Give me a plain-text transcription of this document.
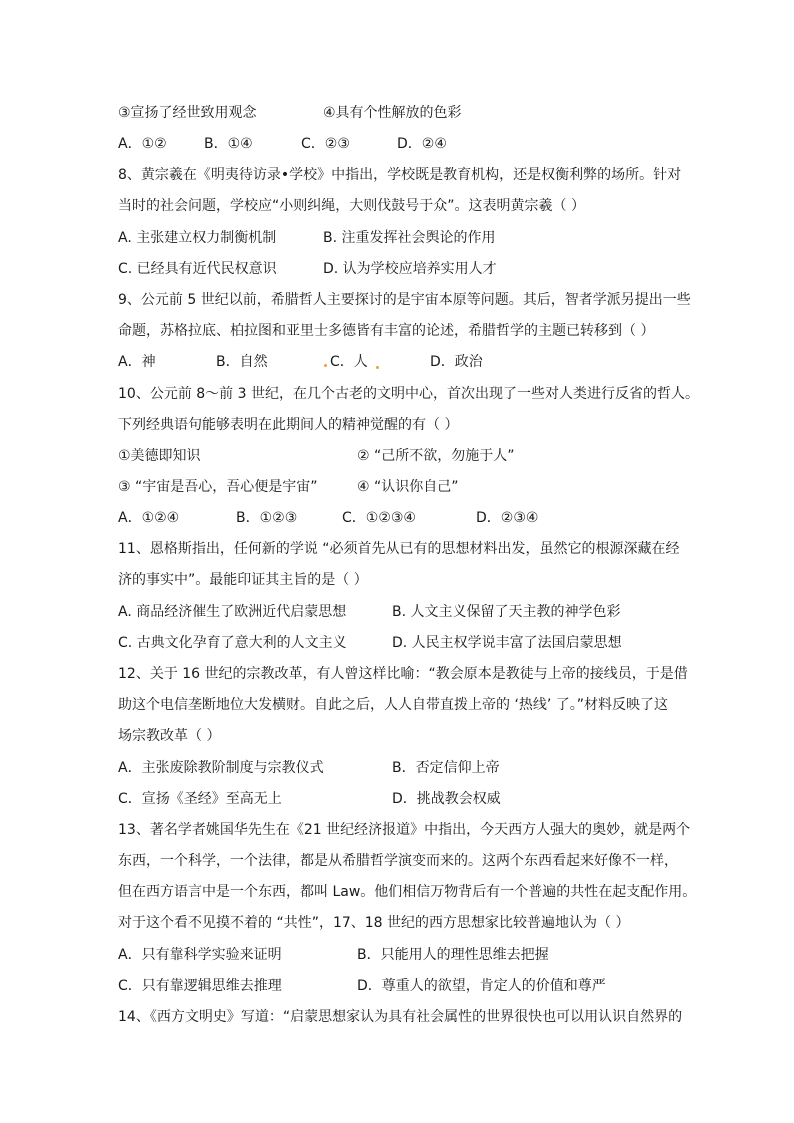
③宣扬了经世致用观念	④具有个性解放的色彩
A．①②	B．①④	C．②③	D．②④
8、黄宗羲在《明夷待访录•学校》中指出，学校既是教育机构，还是权衡利弊的场所。针对
当时的社会问题，学校应“小则纠绳，大则伐鼓号于众”。这表明黄宗羲（ ）
A. 主张建立权力制衡机制	B. 注重发挥社会舆论的作用
C. 已经具有近代民权意识	D. 认为学校应培养实用人才
9、公元前 5 世纪以前，希腊哲人主要探讨的是宇宙本原等问题。其后，智者学派另提出一些
命题，苏格拉底、柏拉图和亚里士多德皆有丰富的论述，希腊哲学的主题已转移到（ ）
A．神	B．自然	C．人	D．政治
10、公元前 8～前 3 世纪，在几个古老的文明中心，首次出现了一些对人类进行反省的哲人。
下列经典语句能够表明在此期间人的精神觉醒的有（ ）
①美德即知识	② “己所不欲，勿施于人”
③ “宇宙是吾心，吾心便是宇宙”	④ “认识你自己”
A．①②④	B．①②③	C．①②③④	D．②③④
11、恩格斯指出，任何新的学说 “必须首先从已有的思想材料出发，虽然它的根源深藏在经
济的事实中”。最能印证其主旨的是（ ）
A. 商品经济催生了欧洲近代启蒙思想	B. 人文主义保留了天主教的神学色彩
C. 古典文化孕育了意大利的人文主义	D. 人民主权学说丰富了法国启蒙思想
12、关于 16 世纪的宗教改革，有人曾这样比喻：“教会原本是教徒与上帝的接线员，于是借
助这个电信垄断地位大发横财。自此之后，人人自带直拨上帝的 ‘热线’ 了。”材料反映了这
场宗教改革（ ）
A．主张废除教阶制度与宗教仪式	B．否定信仰上帝
C．宣扬《圣经》至高无上	D．挑战教会权威
13、著名学者姚国华先生在《21 世纪经济报道》中指出，今天西方人强大的奥妙，就是两个
东西，一个科学，一个法律，都是从希腊哲学演变而来的。这两个东西看起来好像不一样，
但在西方语言中是一个东西，都叫 Law。他们相信万物背后有一个普遍的共性在起支配作用。
对于这个看不见摸不着的 “共性”，17、18 世纪的西方思想家比较普遍地认为（ ）
A．只有靠科学实验来证明	B．只能用人的理性思维去把握
C．只有靠逻辑思维去推理	D．尊重人的欲望，肯定人的价值和尊严
14、《西方文明史》写道：“启蒙思想家认为具有社会属性的世界很快也可以用认识自然界的
